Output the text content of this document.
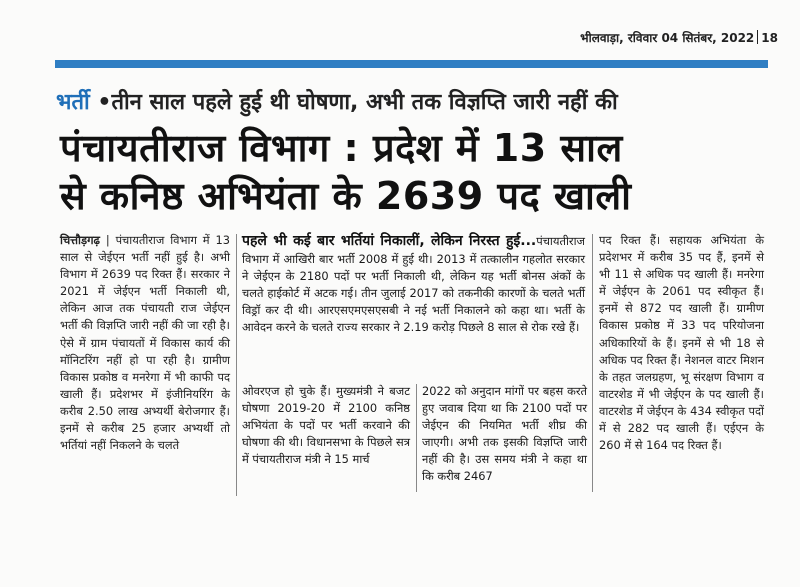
भीलवाड़ा, रविवार 04 सितंबर, 2022 18
भर्ती •तीन साल पहले हुई थी घोषणा, अभी तक विज्ञप्ति जारी नहीं की
पंचायतीराज विभाग : प्रदेश में 13 साल
से कनिष्ठ अभियंता के 2639 पद खाली

चित्तौड़गढ़ | पंचायतीराज विभाग में 13 साल से जेईएन भर्ती नहीं हुई है। अभी विभाग में 2639 पद रिक्त हैं। सरकार ने 2021 में जेईएन भर्ती निकाली थी, लेकिन आज तक पंचायती राज जेईएन भर्ती की विज्ञप्ति जारी नहीं की जा रही है। ऐसे में ग्राम पंचायतों में विकास कार्य की मॉनिटरिंग नहीं हो पा रही है। ग्रामीण विकास प्रकोष्ठ व मनरेगा में भी काफी पद खाली हैं। प्रदेशभर में इंजीनियरिंग के करीब 2.50 लाख अभ्यर्थी बेरोजगार हैं। इनमें से करीब 25 हजार अभ्यर्थी तो भर्तियां नहीं निकलने के चलते

पहले भी कई बार भर्तियां निकालीं, लेकिन निरस्त हुई...पंचायतीराज विभाग में आखिरी बार भर्ती 2008 में हुई थी। 2013 में तत्कालीन गहलोत सरकार ने जेईएन के 2180 पदों पर भर्ती निकाली थी, लेकिन यह भर्ती बोनस अंकों के चलते हाईकोर्ट में अटक गई। तीन जुलाई 2017 को तकनीकी कारणों के चलते भर्ती विड्रॉ कर दी थी। आरएसएमएसएसबी ने नई भर्ती निकालने को कहा था। भर्ती के आवेदन करने के चलते राज्य सरकार ने 2.19 करोड़ पिछले 8 साल से रोक रखे हैं।

ओवरएज हो चुके हैं। मुख्यमंत्री ने बजट घोषणा 2019-20 में 2100 कनिष्ठ अभियंता के पदों पर भर्ती करवाने की घोषणा की थी। विधानसभा के पिछले सत्र में पंचायतीराज मंत्री ने 15 मार्च

2022 को अनुदान मांगों पर बहस करते हुए जवाब दिया था कि 2100 पदों पर जेईएन की नियमित भर्ती शीघ्र की जाएगी। अभी तक इसकी विज्ञप्ति जारी नहीं की है। उस समय मंत्री ने कहा था कि करीब 2467

पद रिक्त हैं। सहायक अभियंता के प्रदेशभर में करीब 35 पद हैं, इनमें से भी 11 से अधिक पद खाली हैं। मनरेगा में जेईएन के 2061 पद स्वीकृत हैं। इनमें से 872 पद खाली हैं। ग्रामीण विकास प्रकोष्ठ में 33 पद परियोजना अधिकारियों के हैं। इनमें से भी 18 से अधिक पद रिक्त हैं। नेशनल वाटर मिशन के तहत जलग्रहण, भू संरक्षण विभाग व वाटरशेड में भी जेईएन के पद खाली हैं। वाटरशेड में जेईएन के 434 स्वीकृत पदों में से 282 पद खाली हैं। एईएन के 260 में से 164 पद रिक्त हैं।
